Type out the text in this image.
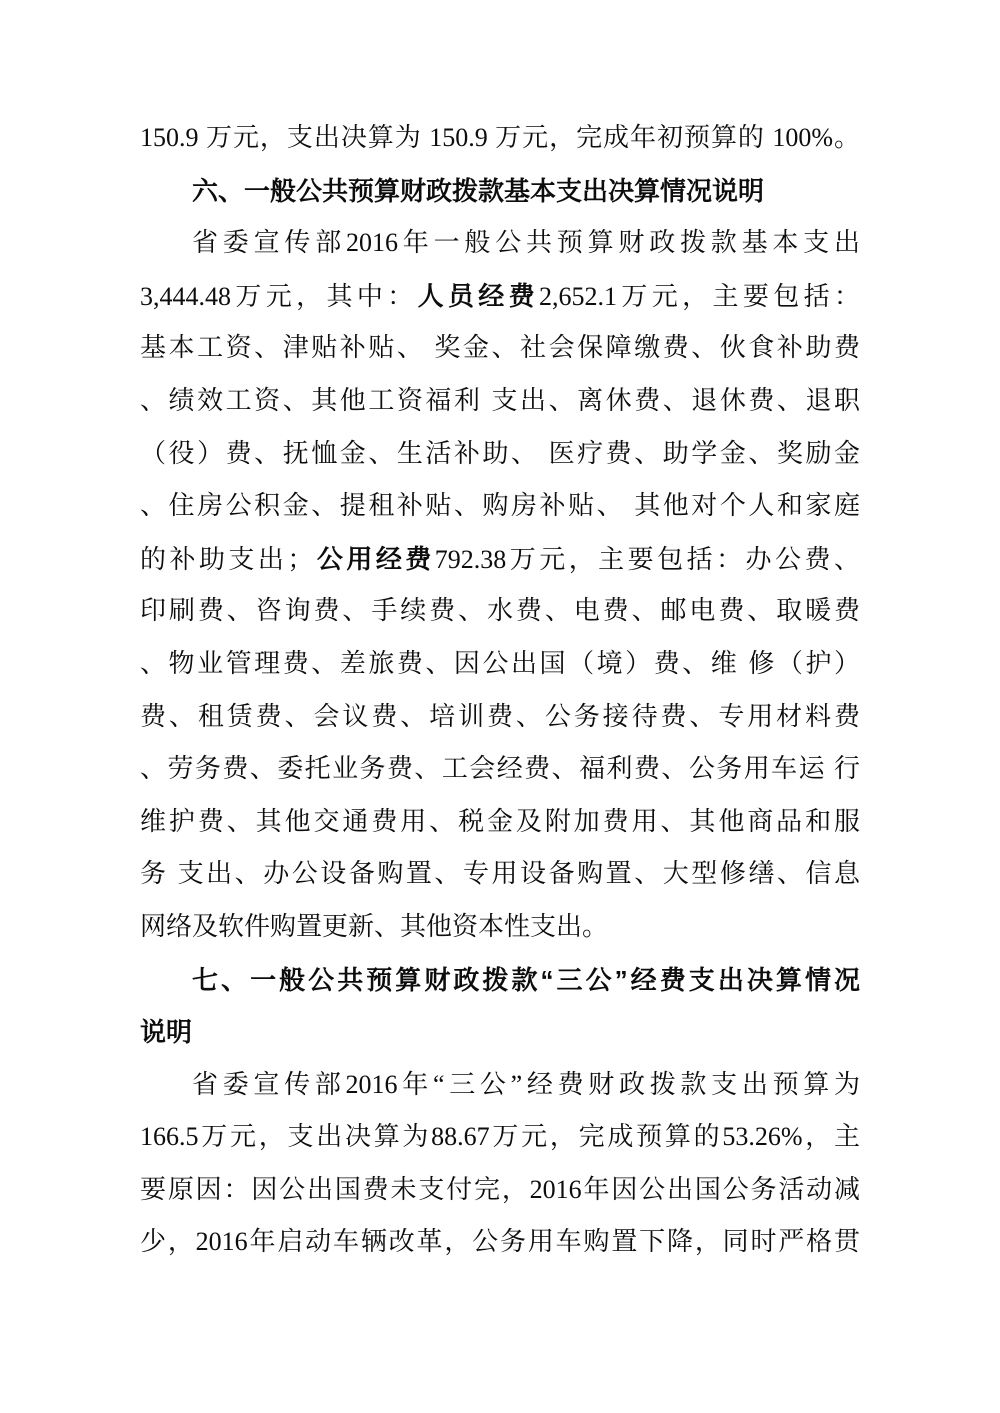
150.9 万元，支出决算为 150.9 万元，完成年初预算的 100%。
六、一般公共预算财政拨款基本支出决算情况说明
省委宣传部2016年一般公共预算财政拨款基本支出
3,444.48万元，其中：人员经费2,652.1万元，主要包括：
基本工资、津贴补贴、 奖金、社会保障缴费、伙食补助费
、绩效工资、其他工资福利 支出、离休费、退休费、退职
（役）费、抚恤金、生活补助、 医疗费、助学金、奖励金
、住房公积金、提租补贴、购房补贴、 其他对个人和家庭
的补助支出；公用经费792.38万元，主要包括：办公费、
印刷费、咨询费、手续费、水费、电费、邮电费、取暖费
、物业管理费、差旅费、因公出国（境）费、维 修（护）
费、租赁费、会议费、培训费、公务接待费、专用材料费
、劳务费、委托业务费、工会经费、福利费、公务用车运 行
维护费、其他交通费用、税金及附加费用、其他商品和服
务 支出、办公设备购置、专用设备购置、大型修缮、信息
网络及软件购置更新、其他资本性支出。
七、一般公共预算财政拨款“三公”经费支出决算情况
说明
省委宣传部2016年“三公”经费财政拨款支出预算为
166.5万元，支出决算为88.67万元，完成预算的53.26%，主
要原因：因公出国费未支付完，2016年因公出国公务活动减
少，2016年启动车辆改革，公务用车购置下降，同时严格贯
